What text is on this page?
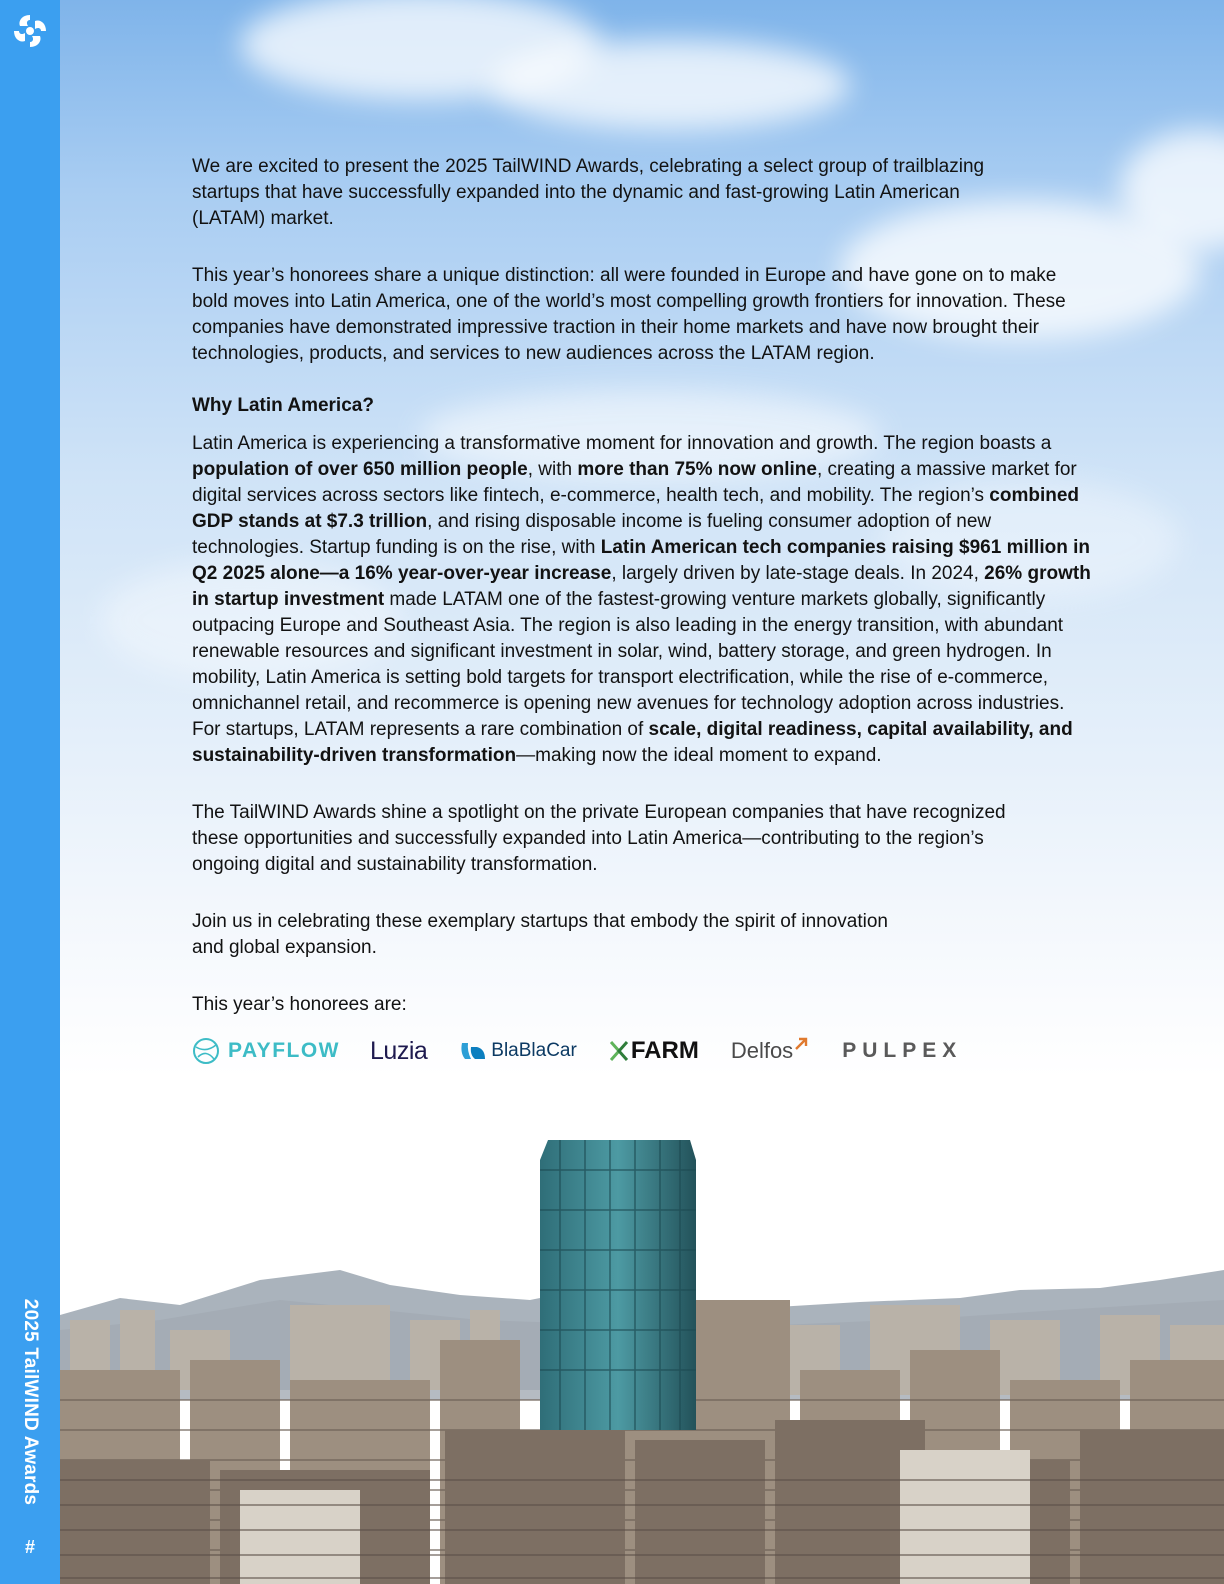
2025 TailWIND Awards
#

We are excited to present the 2025 TailWIND Awards, celebrating a select group of trailblazing startups that have successfully expanded into the dynamic and fast-growing Latin American (LATAM) market.

This year’s honorees share a unique distinction: all were founded in Europe and have gone on to make bold moves into Latin America, one of the world’s most compelling growth frontiers for innovation. These companies have demonstrated impressive traction in their home markets and have now brought their technologies, products, and services to new audiences across the LATAM region.

Why Latin America?

Latin America is experiencing a transformative moment for innovation and growth. The region boasts a population of over 650 million people, with more than 75% now online, creating a massive market for digital services across sectors like fintech, e-commerce, health tech, and mobility. The region’s combined GDP stands at $7.3 trillion, and rising disposable income is fueling consumer adoption of new technologies. Startup funding is on the rise, with Latin American tech companies raising $961 million in Q2 2025 alone—a 16% year-over-year increase, largely driven by late-stage deals. In 2024, 26% growth in startup investment made LATAM one of the fastest-growing venture markets globally, significantly outpacing Europe and Southeast Asia. The region is also leading in the energy transition, with abundant renewable resources and significant investment in solar, wind, battery storage, and green hydrogen. In mobility, Latin America is setting bold targets for transport electrification, while the rise of e-commerce, omnichannel retail, and recommerce is opening new avenues for technology adoption across industries. For startups, LATAM represents a rare combination of scale, digital readiness, capital availability, and sustainability-driven transformation—making now the ideal moment to expand.

The TailWIND Awards shine a spotlight on the private European companies that have recognized these opportunities and successfully expanded into Latin America—contributing to the region’s ongoing digital and sustainability transformation.

Join us in celebrating these exemplary startups that embody the spirit of innovation
and global expansion.

This year’s honorees are:

PAYFLOW Luzia	BlaBlaCar FARM Delfos PULPEX
